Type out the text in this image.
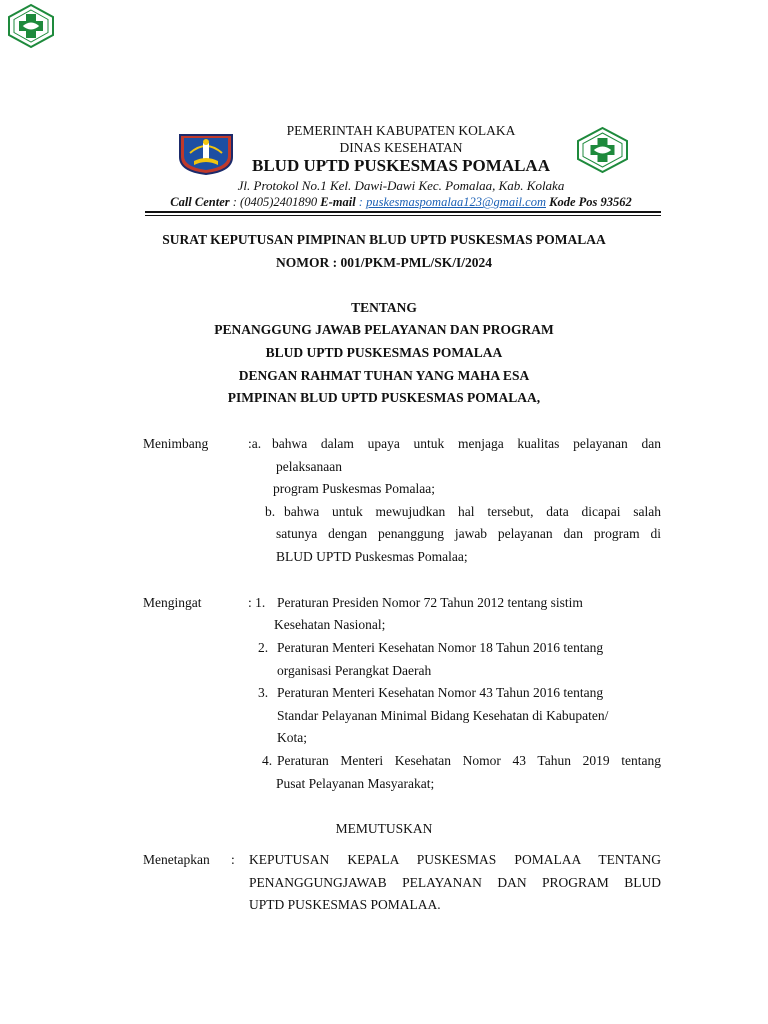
PEMERINTAH KABUPATEN KOLAKA
DINAS KESEHATAN
BLUD UPTD PUSKESMAS POMALAA
Jl. Protokol No.1 Kel. Dawi-Dawi Kec. Pomalaa, Kab. Kolaka
Call Center : (0405)2401890 E-mail : puskesmaspomalaa123@gmail.com Kode Pos 93562
SURAT KEPUTUSAN PIMPINAN BLUD UPTD PUSKESMAS POMALAA
NOMOR : 001/PKM-PML/SK/I/2024
TENTANG
PENANGGUNG JAWAB PELAYANAN DAN PROGRAM
BLUD UPTD PUSKESMAS POMALAA
DENGAN RAHMAT TUHAN YANG MAHA ESA
PIMPINAN BLUD UPTD PUSKESMAS POMALAA,
Menimbang	:a. bahwa dalam upaya untuk menjaga kualitas pelayanan dan
pelaksanaan
program Puskesmas Pomalaa;
b. bahwa untuk mewujudkan hal tersebut, data dicapai salah
satunya dengan penanggung jawab pelayanan dan program di
BLUD UPTD Puskesmas Pomalaa;
Mengingat	: 1. Peraturan Presiden Nomor 72 Tahun 2012 tentang sistim
Kesehatan Nasional;
2. Peraturan Menteri Kesehatan Nomor 18 Tahun 2016 tentang
organisasi Perangkat Daerah
3. Peraturan Menteri Kesehatan Nomor 43 Tahun 2016 tentang
Standar Pelayanan Minimal Bidang Kesehatan di Kabupaten/
Kota;
4. Peraturan Menteri Kesehatan Nomor 43 Tahun 2019 tentang
Pusat Pelayanan Masyarakat;
MEMUTUSKAN
Menetapkan : KEPUTUSAN KEPALA PUSKESMAS POMALAA TENTANG
PENANGGUNGJAWAB PELAYANAN DAN PROGRAM BLUD
UPTD PUSKESMAS POMALAA.
